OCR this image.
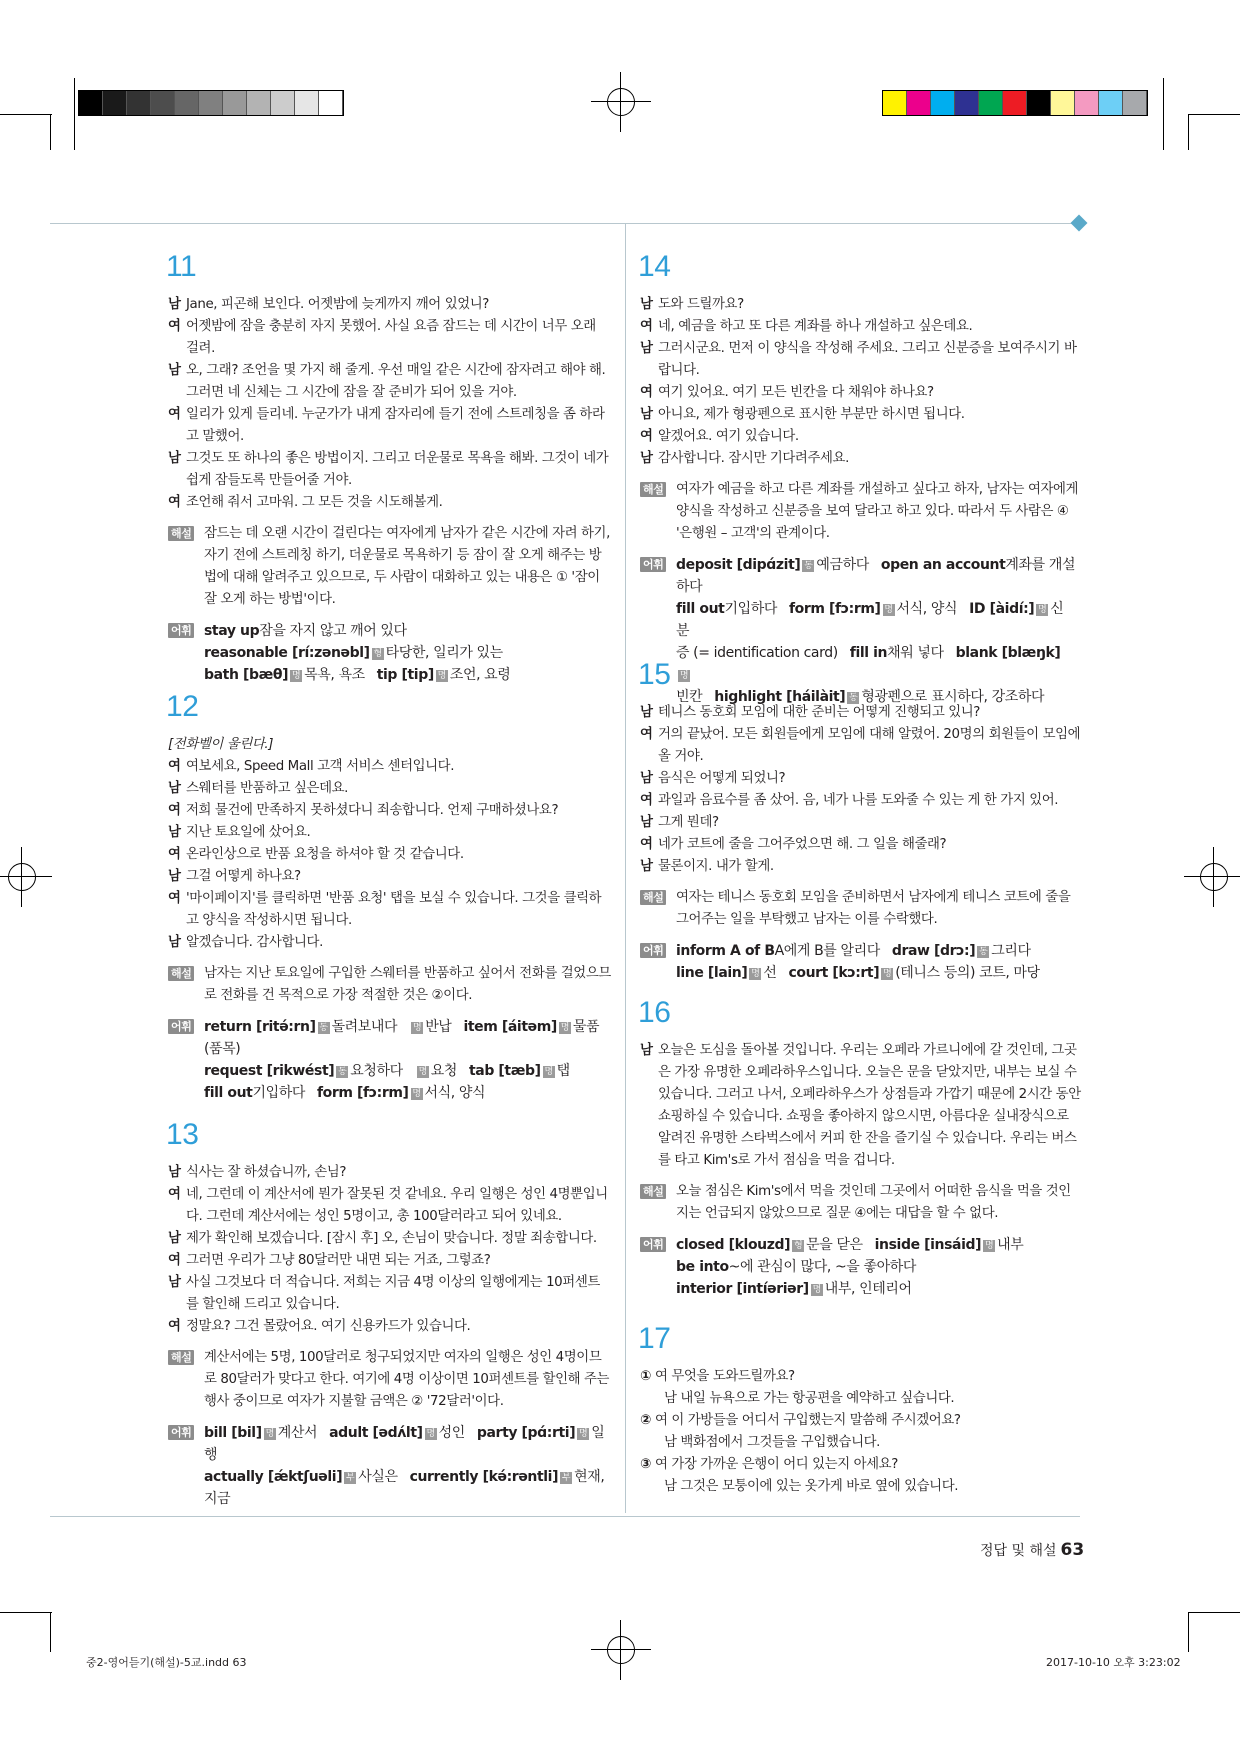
11
남 Jane, 피곤해 보인다. 어젯밤에 늦게까지 깨어 있었니?
여 어젯밤에 잠을 충분히 자지 못했어. 사실 요즘 잠드는 데 시간이 너무 오래 걸려.
남 오, 그래? 조언을 몇 가지 해 줄게. 우선 매일 같은 시간에 잠자려고 해야 해. 그러면 네 신체는 그 시간에 잠을 잘 준비가 되어 있을 거야.
여 일리가 있게 들리네. 누군가가 내게 잠자리에 들기 전에 스트레칭을 좀 하라고 말했어.
남 그것도 또 하나의 좋은 방법이지. 그리고 더운물로 목욕을 해봐. 그것이 네가 쉽게 잠들도록 만들어줄 거야.
여 조언해 줘서 고마워. 그 모든 것을 시도해볼게.
해설 잠드는 데 오랜 시간이 걸린다는 여자에게 남자가 같은 시간에 자려 하기, 자기 전에 스트레칭 하기, 더운물로 목욕하기 등 잠이 잘 오게 해주는 방법에 대해 알려주고 있으므로, 두 사람이 대화하고 있는 내용은 ① '잠이 잘 오게 하는 방법'이다.
어휘 stay up잠을 자지 않고 깨어 있다
reasonable [rí:zənəbl] 형 타당한, 일리가 있는
bath [bæθ] 명 목욕, 욕조 tip [tip] 명 조언, 요령
12
[전화벨이 울린다.]
여 여보세요, Speed Mall 고객 서비스 센터입니다.
남 스웨터를 반품하고 싶은데요.
여 저희 물건에 만족하지 못하셨다니 죄송합니다. 언제 구매하셨나요?
남 지난 토요일에 샀어요.
여 온라인상으로 반품 요청을 하셔야 할 것 같습니다.
남 그걸 어떻게 하나요?
여 '마이페이지'를 클릭하면 '반품 요청' 탭을 보실 수 있습니다. 그것을 클릭하고 양식을 작성하시면 됩니다.
남 알겠습니다. 감사합니다.
해설 남자는 지난 토요일에 구입한 스웨터를 반품하고 싶어서 전화를 걸었으므로 전화를 건 목적으로 가장 적절한 것은 ②이다.
어휘 return [ritə́:rn] 동 돌려보내다 명 반납 item [áitəm] 명 물품(품목)
request [rikwést] 동 요청하다 명 요청 tab [tæb] 명 탭
fill out기입하다 form [fɔ:rm] 명 서식, 양식
13
남 식사는 잘 하셨습니까, 손님?
여 네, 그런데 이 계산서에 뭔가 잘못된 것 같네요. 우리 일행은 성인 4명뿐입니다. 그런데 계산서에는 성인 5명이고, 총 100달러라고 되어 있네요.
남 제가 확인해 보겠습니다. [잠시 후] 오, 손님이 맞습니다. 정말 죄송합니다.
여 그러면 우리가 그냥 80달러만 내면 되는 거죠, 그렇죠?
남 사실 그것보다 더 적습니다. 저희는 지금 4명 이상의 일행에게는 10퍼센트를 할인해 드리고 있습니다.
여 정말요? 그건 몰랐어요. 여기 신용카드가 있습니다.
해설 계산서에는 5명, 100달러로 청구되었지만 여자의 일행은 성인 4명이므로 80달러가 맞다고 한다. 여기에 4명 이상이면 10퍼센트를 할인해 주는 행사 중이므로 여자가 지불할 금액은 ② '72달러'이다.
어휘 bill [bil] 명 계산서 adult [ədʌ́lt] 명 성인 party [pɑ́:rti] 명 일행
actually [ǽktʃuəli] 부 사실은 currently [kə́:rəntli] 부 현재, 지금
14
남 도와 드릴까요?
여 네, 예금을 하고 또 다른 계좌를 하나 개설하고 싶은데요.
남 그러시군요. 먼저 이 양식을 작성해 주세요. 그리고 신분증을 보여주시기 바랍니다.
여 여기 있어요. 여기 모든 빈칸을 다 채워야 하나요?
남 아니요, 제가 형광펜으로 표시한 부분만 하시면 됩니다.
여 알겠어요. 여기 있습니다.
남 감사합니다. 잠시만 기다려주세요.
해설 여자가 예금을 하고 다른 계좌를 개설하고 싶다고 하자, 남자는 여자에게 양식을 작성하고 신분증을 보여 달라고 하고 있다. 따라서 두 사람은 ④ '은행원 – 고객'의 관계이다.
어휘 deposit [dipɑ́zit] 동 예금하다 open an account계좌를 개설하다
fill out기입하다 form [fɔ:rm] 명 서식, 양식 ID [àidí:] 명 신분
증 (= identification card) fill in채워 넣다 blank [blæŋk]명
빈칸 highlight [háilàit] 동 형광펜으로 표시하다, 강조하다
15
남 테니스 동호회 모임에 대한 준비는 어떻게 진행되고 있니?
여 거의 끝났어. 모든 회원들에게 모임에 대해 알렸어. 20명의 회원들이 모임에 올 거야.
남 음식은 어떻게 되었니?
여 과일과 음료수를 좀 샀어. 음, 네가 나를 도와줄 수 있는 게 한 가지 있어.
남 그게 뭔데?
여 네가 코트에 줄을 그어주었으면 해. 그 일을 해줄래?
남 물론이지. 내가 할게.
해설 여자는 테니스 동호회 모임을 준비하면서 남자에게 테니스 코트에 줄을 그어주는 일을 부탁했고 남자는 이를 수락했다.
어휘 inform A of BA에게 B를 알리다 draw [drɔ:] 동 그리다
line [lain] 명 선 court [kɔ:rt] 명 (테니스 등의) 코트, 마당
16
남 오늘은 도심을 돌아볼 것입니다. 우리는 오페라 가르니에에 갈 것인데, 그곳은 가장 유명한 오페라하우스입니다. 오늘은 문을 닫았지만, 내부는 보실 수 있습니다. 그러고 나서, 오페라하우스가 상점들과 가깝기 때문에 2시간 동안 쇼핑하실 수 있습니다. 쇼핑을 좋아하지 않으시면, 아름다운 실내장식으로 알려진 유명한 스타벅스에서 커피 한 잔을 즐기실 수 있습니다. 우리는 버스를 타고 Kim's로 가서 점심을 먹을 겁니다.
해설 오늘 점심은 Kim's에서 먹을 것인데 그곳에서 어떠한 음식을 먹을 것인지는 언급되지 않았으므로 질문 ④에는 대답을 할 수 없다.
어휘 closed [klouzd] 형 문을 닫은 inside [insáid] 명 내부
be into~에 관심이 많다, ~을 좋아하다
interior [intíəriər] 명 내부, 인테리어
17
① 여 무엇을 도와드릴까요?
남 내일 뉴욕으로 가는 항공편을 예약하고 싶습니다.
② 여 이 가방들을 어디서 구입했는지 말씀해 주시겠어요?
남 백화점에서 그것들을 구입했습니다.
③ 여 가장 가까운 은행이 어디 있는지 아세요?
남 그것은 모퉁이에 있는 옷가게 바로 옆에 있습니다.
정답 및 해설 63
중2-영어듣기(해설)-5교.indd 63	2017-10-10 오후 3:23:02
